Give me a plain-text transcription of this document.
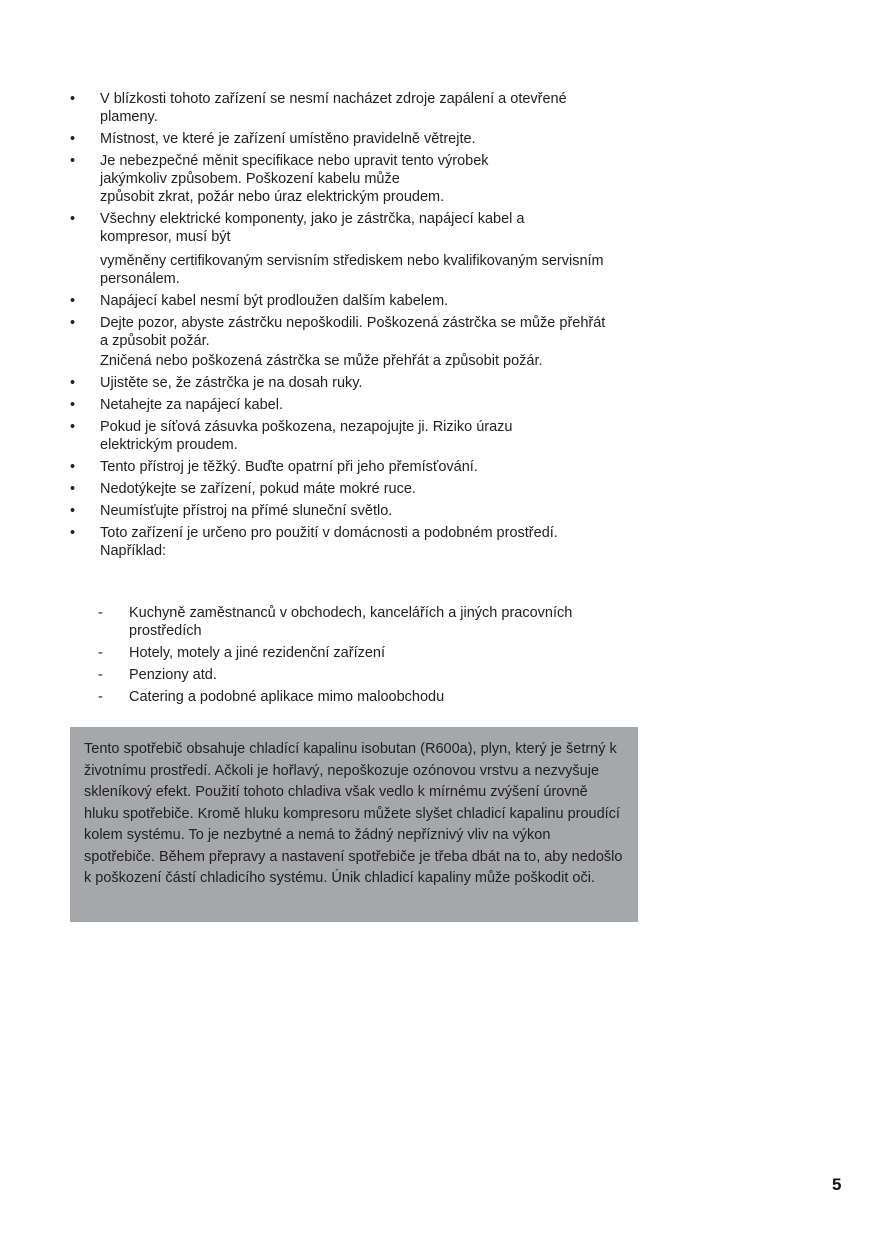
•	V blízkosti tohoto zařízení se nesmí nacházet zdroje zapálení a otevřené plameny.
•	Místnost, ve které je zařízení umístěno pravidelně větrejte.
•	Je nebezpečné měnit specifikace nebo upravit tento výrobek jakýmkoliv způsobem. Poškození kabelu může
způsobit zkrat, požár nebo úraz elektrickým proudem.
•	Všechny elektrické komponenty, jako je zástrčka, napájecí kabel a kompresor, musí být
vyměněny certifikovaným servisním střediskem nebo kvalifikovaným servisním personálem.
•	Napájecí kabel nesmí být prodloužen dalším kabelem.
•	Dejte pozor, abyste zástrčku nepoškodili. Poškozená zástrčka se může přehřát a způsobit požár.
Zničená nebo poškozená zástrčka se může přehřát a způsobit požár.
•	Ujistěte se, že zástrčka je na dosah ruky.
•	Netahejte za napájecí kabel.
•	Pokud je síťová zásuvka poškozena, nezapojujte ji. Riziko úrazu elektrickým proudem.
•	Tento přístroj je těžký. Buďte opatrní při jeho přemísťování.
•	Nedotýkejte se zařízení, pokud máte mokré ruce.
•	Neumísťujte přístroj na přímé sluneční světlo.
•	Toto zařízení je určeno pro použití v domácnosti a podobném prostředí. Například:
- Kuchyně zaměstnanců v obchodech, kancelářích a jiných pracovních prostředích
- Hotely, motely a jiné rezidenční zařízení
- Penziony atd.
- Catering a podobné aplikace mimo maloobchodu

Tento spotřebič obsahuje chladící kapalinu isobutan (R600a), plyn, který je šetrný k životnímu prostředí. Ačkoli je hořlavý, nepoškozuje ozónovou vrstvu a nezvyšuje skleníkový efekt. Použití tohoto chladiva však vedlo k mírnému zvýšení úrovně hluku spotřebiče. Kromě hluku kompresoru můžete slyšet chladicí kapalinu proudící kolem systému. To je nezbytné a nemá to žádný nepříznivý vliv na výkon spotřebiče. Během přepravy a nastavení spotřebiče je třeba dbát na to, aby nedošlo k poškození částí chladicího systému. Únik chladicí kapaliny může poškodit oči.

5
